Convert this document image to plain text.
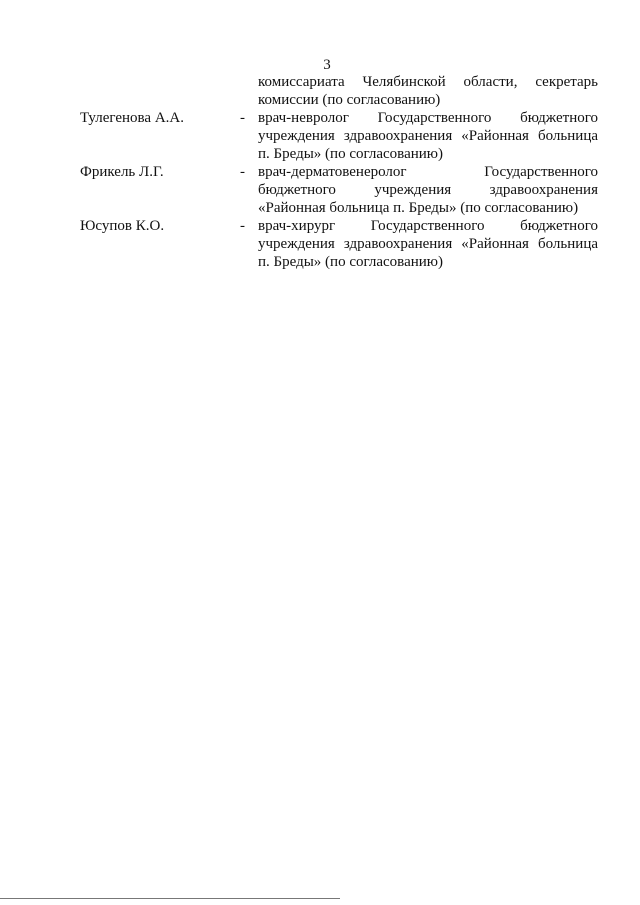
3
комиссариата Челябинской области, секретарь
комиссии (по согласованию)
Тулегенова А.А.	- врач-невролог Государственного бюджетного
учреждения здравоохранения «Районная больница
п. Бреды» (по согласованию)
Фрикель Л.Г.	- врач-дерматовенеролог Государственного
бюджетного учреждения здравоохранения
«Районная больница п. Бреды» (по согласованию)
Юсупов К.О.	- врач-хирург Государственного бюджетного
учреждения здравоохранения «Районная больница
п. Бреды» (по согласованию)
